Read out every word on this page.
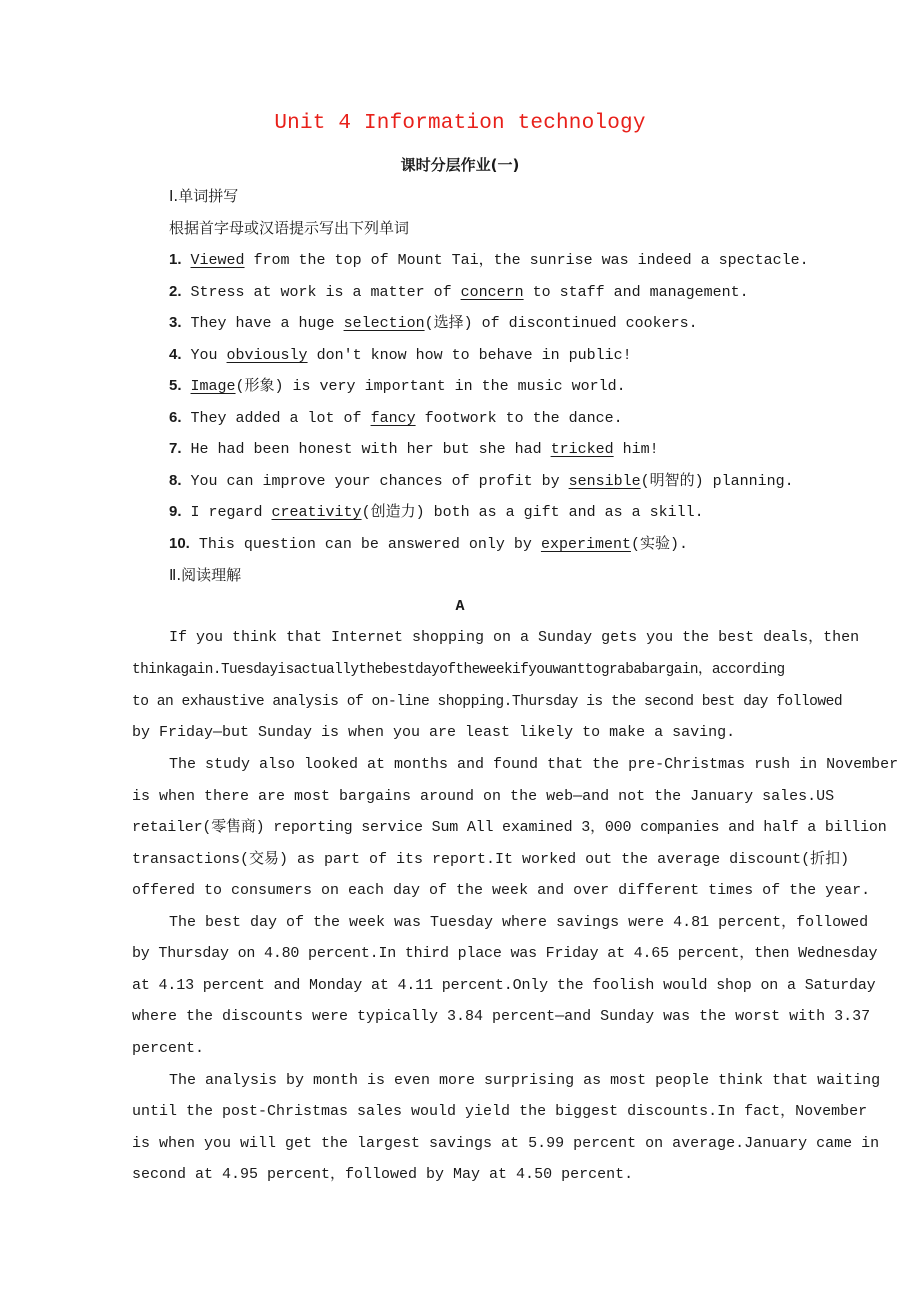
Unit 4 Information technology
课时分层作业(一)
Ⅰ.单词拼写
根据首字母或汉语提示写出下列单词
1. Viewed from the top of Mount Tai，the sunrise was indeed a spectacle.
2. Stress at work is a matter of concern to staff and management.
3. They have a huge selection(选择) of discontinued cookers.
4. You obviously don′t know how to behave in public!
5. Image(形象) is very important in the music world.
6. They added a lot of fancy footwork to the dance.
7. He had been honest with her but she had tricked him!
8. You can improve your chances of profit by sensible(明智的) planning.
9. I regard creativity(创造力) both as a gift and as a skill.
10. This question can be answered only by experiment(实验).
Ⅱ.阅读理解
A
If you think that Internet shopping on a Sunday gets you the best deals，then
thinkagain.Tuesdayisactuallythebestdayoftheweekifyouwanttogrababargain，according
to an exhaustive analysis of on-line shopping.Thursday is the second best day followed
by Friday—but Sunday is when you are least likely to make a saving.
The study also looked at months and found that the pre-Christmas rush in November
is when there are most bargains around on the web—and not the January sales.US
retailer(零售商) reporting service Sum All examined 3，000 companies and half a billion
transactions(交易) as part of its report.It worked out the average discount(折扣)
offered to consumers on each day of the week and over different times of the year.
The best day of the week was Tuesday where savings were 4.81 percent，followed
by Thursday on 4.80 percent.In third place was Friday at 4.65 percent，then Wednesday
at 4.13 percent and Monday at 4.11 percent.Only the foolish would shop on a Saturday
where the discounts were typically 3.84 percent—and Sunday was the worst with 3.37
percent.
The analysis by month is even more surprising as most people think that waiting
until the post-Christmas sales would yield the biggest discounts.In fact，November
is when you will get the largest savings at 5.99 percent on average.January came in
second at 4.95 percent，followed by May at 4.50 percent.
